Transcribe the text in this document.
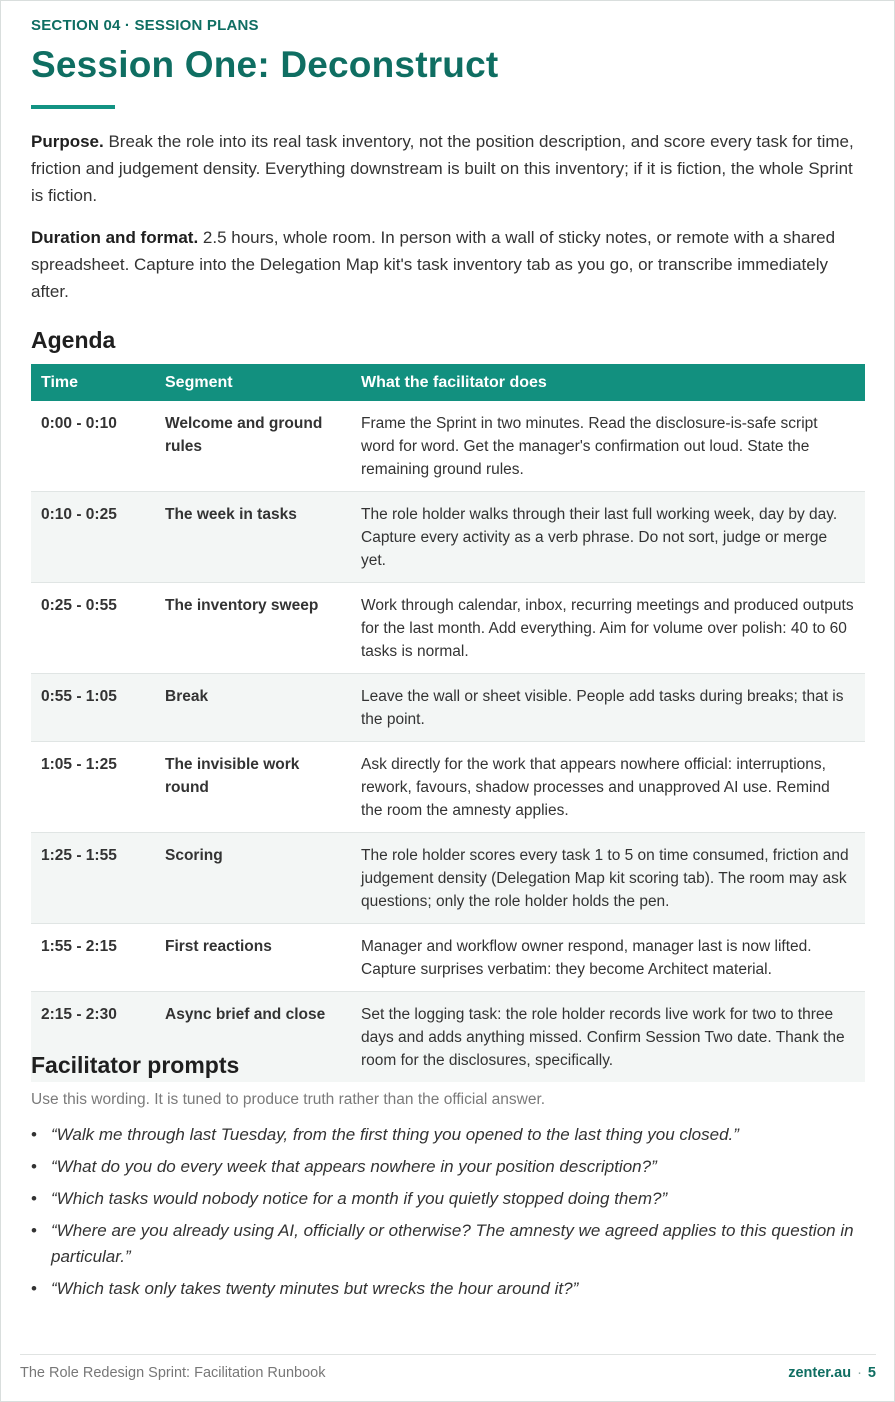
SECTION 04 · SESSION PLANS
Session One: Deconstruct

Purpose. Break the role into its real task inventory, not the position description, and score every task for time, friction and judgement density. Everything downstream is built on this inventory; if it is fiction, the whole Sprint is fiction.

Duration and format. 2.5 hours, whole room. In person with a wall of sticky notes, or remote with a shared spreadsheet. Capture into the Delegation Map kit's task inventory tab as you go, or transcribe immediately after.

Agenda
Time	Segment	What the facilitator does
0:00 - 0:10	Welcome and ground rules	Frame the Sprint in two minutes. Read the disclosure-is-safe script word for word. Get the manager's confirmation out loud. State the remaining ground rules.
0:10 - 0:25	The week in tasks	The role holder walks through their last full working week, day by day. Capture every activity as a verb phrase. Do not sort, judge or merge yet.
0:25 - 0:55	The inventory sweep	Work through calendar, inbox, recurring meetings and produced outputs for the last month. Add everything. Aim for volume over polish: 40 to 60 tasks is normal.
0:55 - 1:05	Break	Leave the wall or sheet visible. People add tasks during breaks; that is the point.
1:05 - 1:25	The invisible work round	Ask directly for the work that appears nowhere official: interruptions, rework, favours, shadow processes and unapproved AI use. Remind the room the amnesty applies.
1:25 - 1:55	Scoring	The role holder scores every task 1 to 5 on time consumed, friction and judgement density (Delegation Map kit scoring tab). The room may ask questions; only the role holder holds the pen.
1:55 - 2:15	First reactions	Manager and workflow owner respond, manager last is now lifted. Capture surprises verbatim: they become Architect material.
2:15 - 2:30	Async brief and close	Set the logging task: the role holder records live work for two to three days and adds anything missed. Confirm Session Two date. Thank the room for the disclosures, specifically.
Facilitator prompts

Use this wording. It is tuned to produce truth rather than the official answer.

• “Walk me through last Tuesday, from the first thing you opened to the last thing you closed.”
• “What do you do every week that appears nowhere in your position description?”
• “Which tasks would nobody notice for a month if you quietly stopped doing them?”
• “Where are you already using AI, officially or otherwise? The amnesty we agreed applies to this question in particular.”
• “Which task only takes twenty minutes but wrecks the hour around it?”
The Role Redesign Sprint: Facilitation Runbook	zenter.au · 5
